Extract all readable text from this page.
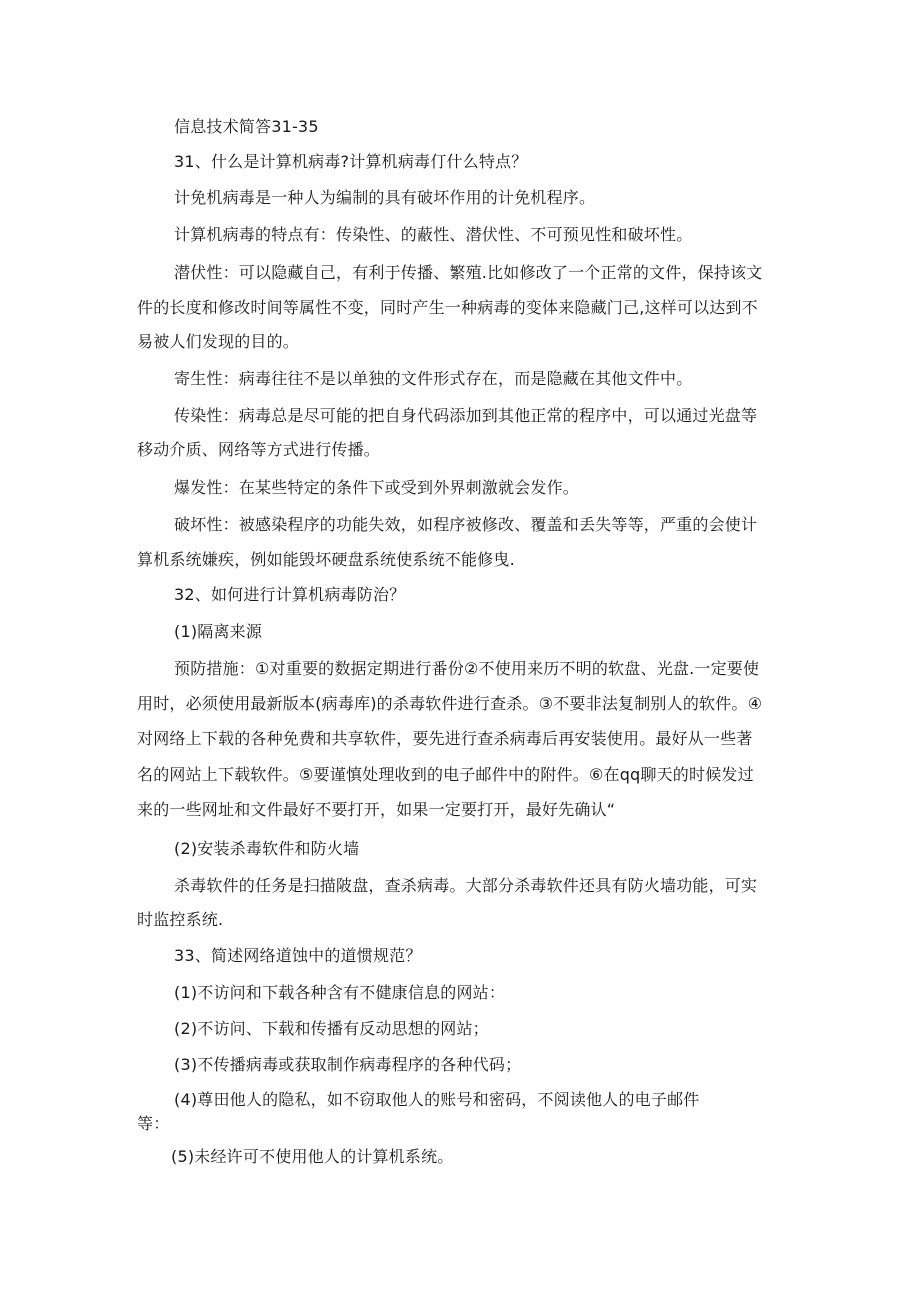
信息技术简答31-35

31、什么是计算机病毒?计算机病毒仃什么特点？

计免机病毒是一种人为编制的具有破坏作用的计免机程序。

计算机病毒的特点有：传染性、的蔽性、潜伏性、不可预见性和破坏性。

潜伏性：可以隐藏自己，有利于传播、繁殖.比如修改了一个正常的文件，保持该文

件的长度和修改时间等属性不变，同时产生一种病毒的变体来隐藏门己,这样可以达到不

易被人们发现的目的。

寄生性：病毒往往不是以单独的文件形式存在，而是隐藏在其他文件中。

传染性：病毒总是尽可能的把自身代码添加到其他正常的程序中，可以通过光盘等

移动介质、网络等方式进行传播。

爆发性：在某些特定的条件下或受到外界刺激就会发作。

破坏性：被感染程序的功能失效，如程序被修改、覆盖和丢失等等，严重的会使计

算机系统嫌疾，例如能毁坏硬盘系统使系统不能修曳.

32、如何进行计算机病毒防治？

(1)隔离来源

预防措施：①对重要的数据定期进行番份②不使用来历不明的软盘、光盘.一定要使

用时，必须使用最新版本(病毒库)的杀毒软件进行查杀。③不要非法复制别人的软件。④

对网络上下载的各种免费和共享软件，要先进行查杀病毒后再安装使用。最好从一些著

名的网站上下载软件。⑤要谨慎处理收到的电子邮件中的附件。⑥在qq聊天的时候发过

来的一些网址和文件最好不要打开，如果一定要打开，最好先确认“

(2)安装杀毒软件和防火墙

杀毒软件的任务是扫描陂盘，查杀病毒。大部分杀毒软件还具有防火墙功能，可实

时监控系统.

33、简述网络道蚀中的道惯规范？

(1)不访问和下载各种含有不健康信息的网站：

(2)不访问、下载和传播有反动思想的网站；

(3)不传播病毒或获取制作病毒程序的各种代码；

(4)尊田他人的隐私，如不窃取他人的账号和密码，不阅读他人的电子邮件

等：

(5)未经许可不使用他人的计算机系统。
